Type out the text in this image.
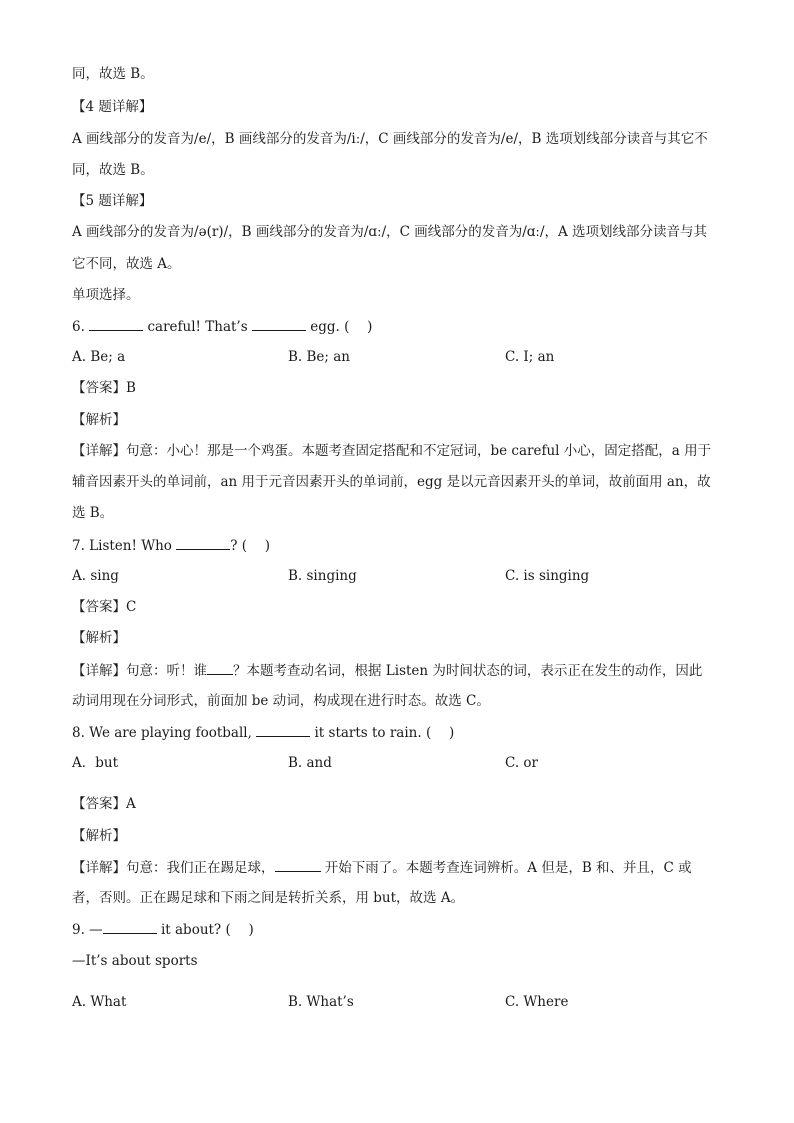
同，故选 B。
【4 题详解】
A 画线部分的发音为/e/，B 画线部分的发音为/iː/，C 画线部分的发音为/e/，B 选项划线部分读音与其它不
同，故选 B。
【5 题详解】
A 画线部分的发音为/ə(r)/，B 画线部分的发音为/ɑː/，C 画线部分的发音为/ɑː/，A 选项划线部分读音与其
它不同，故选 A。
单项选择。
6.	careful! That’s	egg. (　 )
A. Be; a	B. Be; an	C. I; an
【答案】B
【解析】
【详解】句意：小心！那是一个鸡蛋。本题考查固定搭配和不定冠词，be careful 小心，固定搭配，a 用于
辅音因素开头的单词前，an 用于元音因素开头的单词前，egg 是以元音因素开头的单词，故前面用 an，故
选 B。
7. Listen! Who	? (　 )
A. sing	B. singing	C. is singing
【答案】C
【解析】
【详解】句意：听！谁 ？本题考查动名词，根据 Listen 为时间状态的词，表示正在发生的动作，因此
动词用现在分词形式，前面加 be 动词，构成现在进行时态。故选 C。
8. We are playing football,	it starts to rain. (　 )
A．but	B. and	C. or
【答案】A
【解析】
【详解】句意：我们正在踢足球，	开始下雨了。本题考查连词辨析。A 但是，B 和、并且，C 或
者，否则。正在踢足球和下雨之间是转折关系，用 but，故选 A。
9. —	it about? (　 )
—It’s about sports
A. What	B. What’s	C. Where
